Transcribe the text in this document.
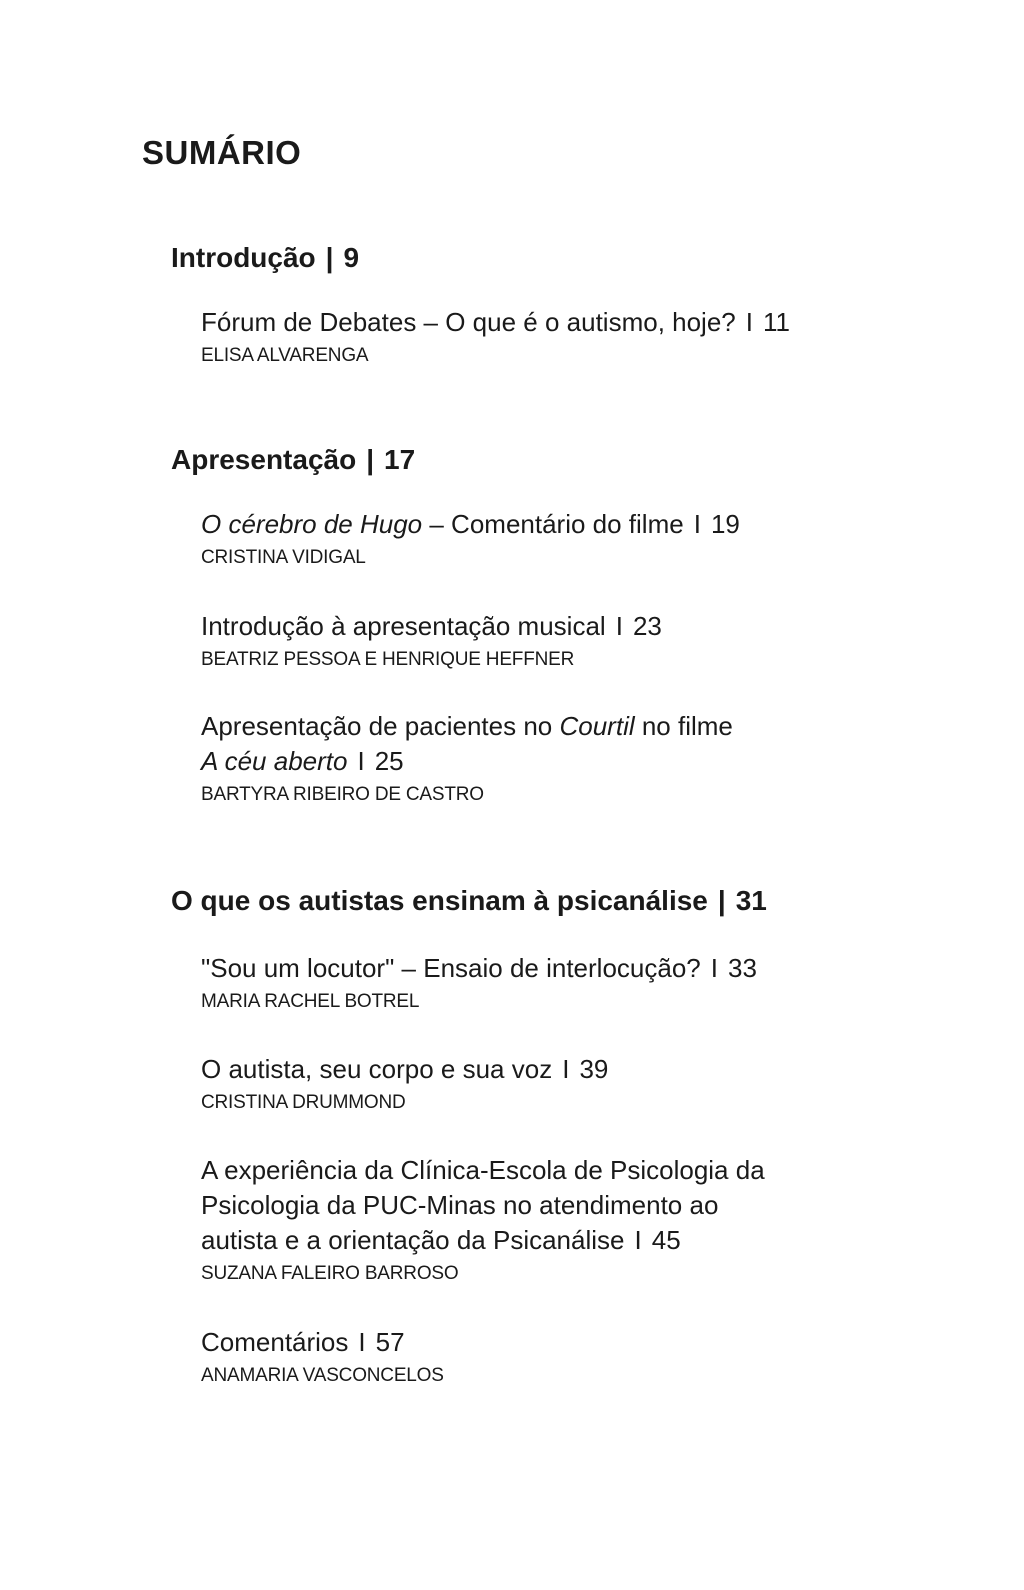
SUMÁRIO
Introdução | 9
Fórum de Debates – O que é o autismo, hoje? I 11
ELISA ALVARENGA
Apresentação | 17
O cérebro de Hugo – Comentário do filme I 19
CRISTINA VIDIGAL
Introdução à apresentação musical I 23
BEATRIZ PESSOA E HENRIQUE HEFFNER
Apresentação de pacientes no Courtil no filme
A céu aberto I 25
BARTYRA RIBEIRO DE CASTRO
O que os autistas ensinam à psicanálise | 31
"Sou um locutor" – Ensaio de interlocução? I 33
MARIA RACHEL BOTREL
O autista, seu corpo e sua voz I 39
CRISTINA DRUMMOND
A experiência da Clínica-Escola de Psicologia da
Psicologia da PUC-Minas no atendimento ao
autista e a orientação da Psicanálise I 45
SUZANA FALEIRO BARROSO
Comentários I 57
ANAMARIA VASCONCELOS
